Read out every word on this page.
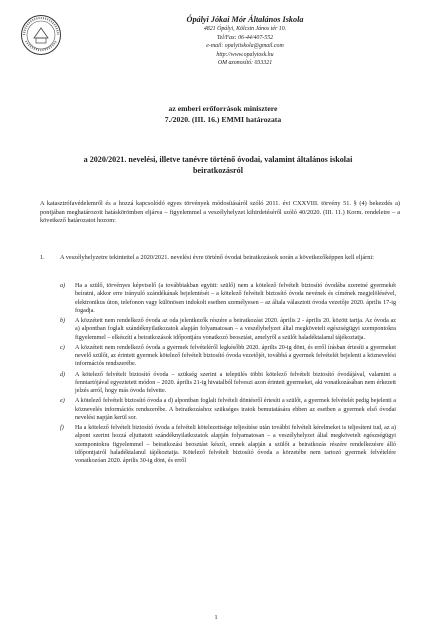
Ópályi Jókai Mór Általános Iskola
4821 Ópályi, Kölcsin János tér 10.
Tel/Fax: 06-44/407-552
e-mail: opalyiiskola@gmail.com
http://www.opalyiosk.hu
OM azonosító: 033321
az emberi erőforrások minisztere
7./2020. (III. 16.) EMMI határozata
a 2020/2021. nevelési, illetve tanévre történő óvodai, valamint általános iskolai
beiratkozásról
A katasztrófavédelemről és a hozzá kapcsolódó egyes törvények módosításáról szóló 2011. évi CXXVIII. törvény 51. § (4) bekezdés a) pontjában meghatározott hatáskörömben eljárva – figyelemmel a veszélyhelyzet kihirdetéséről szóló 40/2020. (III. 11.) Korm. rendeletre – a következő határozatot hozom:
1. A veszélyhelyzetre tekintettel a 2020/2021. nevelési évre történő óvodai beiratkozások során a következőképpen kell eljárni:
a) Ha a szülő, törvényes képviselő (a továbbiakban együtt: szülő) nem a kötelező felvételt biztosító óvodába szeretné gyermekét beíratni, akkor erre irányuló szándékának bejelentését – a kötelező felvételt biztosító óvoda nevének és címének megjelölésével, elektronikus úton, telefonon vagy különösen indokolt esetben személyesen – az általa választott óvoda vezetője 2020. április 17-ig fogadja.
b) A közzétett nem rendelkező óvoda az oda jelentkezők részére a beiratkozást 2020. április 2 - április 20. között tartja. Az óvoda az a) alpontban foglalt szándéknyilatkozatok alapján folyamatosan – a veszélyhelyzet által megkövetelt egészségügyi szempontokra figyelemmel – elkészíti a beiratkozások időpontjára vonatkozó beosztást, amelyről a szülőt haladéktalanul tájékoztatja.
c) A közzétett nem rendelkező óvoda a gyermek felvételéről legkésőbb 2020. április 20-ig dönt, és erről írásban értesíti a gyermeket nevelő szülőt, az érintett gyermek kötelező felvételt biztosító óvoda vezetőjét, továbbá a gyermek felvételét bejelenti a köznevelési információs rendszerébe.
d) A kötelező felvételt biztosító óvoda – szükség szerint a település többi kötelező felvételt biztosító óvodájával, valamint a fenntartójával egyeztetett módon – 2020. április 21-ig hivatalból felveszi azon érintett gyermeket, aki vonatkozásában nem érkezett jelzés arról, hogy más óvoda felvette.
e) A kötelező felvételt biztosító óvoda a d) alpontban foglalt felvételi döntésről értesíti a szülőt, a gyermek felvételét pedig bejelenti a köznevelés információs rendszerébe. A beiratkozáshoz szükséges iratok bemutatására ebben az esetben a gyermek első óvodai nevelési napján kerül sor.
f) Ha a kötelező felvételt biztosító óvoda a felvételi kötelezettsége teljesítése után további felvételi kérelmeket is teljesíteni tud, az a) alpont szerint hozzá eljuttatott szándéknyilatkozatok alapján folyamatosan – a veszélyhelyzet által megkövetelt egészségügyi szempontokra figyelemmel – beiratkozási beosztást készít, ennek alapján a szülőt a beiratkozás részére rendelkezésre álló időpontjairól haladéktalanul tájékoztatja. Kötelező felvételt biztosító óvoda a körzetébe nem tartozó gyermek felvételére vonatkozóan 2020. április 30-ig dönt, és erről
1
